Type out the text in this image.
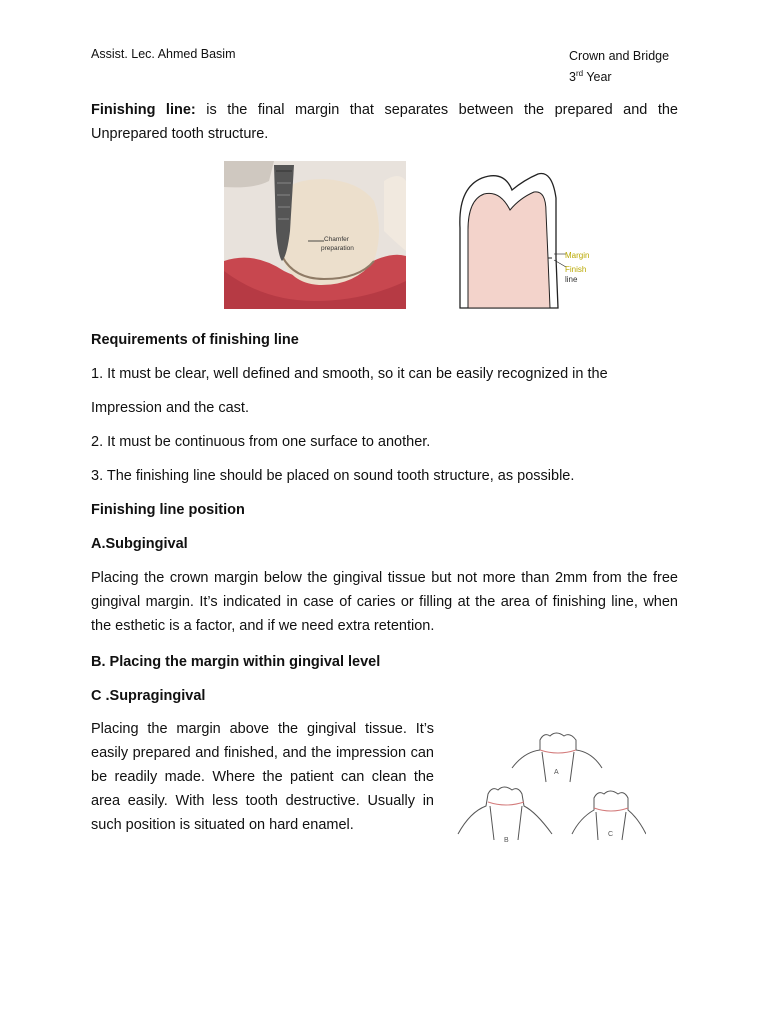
Assist. Lec. Ahmed Basim	Crown and Bridge
3rd Year
Finishing line: is the final margin that separates between the prepared and the Unprepared tooth structure.
Chamfer
preparation
Margin
Finish
line
Requirements of finishing line
1. It must be clear, well defined and smooth, so it can be easily recognized in the
Impression and the cast.
2. It must be continuous from one surface to another.
3. The finishing line should be placed on sound tooth structure, as possible.
Finishing line position
A.Subgingival
Placing the crown margin below the gingival tissue but not more than 2mm from the free gingival margin. It’s indicated in case of caries or filling at the area of finishing line, when the esthetic is a factor, and if we need extra retention.
B. Placing the margin within gingival level
C .Supragingival
Placing the margin above the gingival tissue. It’s easily prepared and finished, and the impression can be readily made. Where the patient can clean the area easily. With less tooth destructive. Usually in such position is situated on hard enamel.
A
B
C
